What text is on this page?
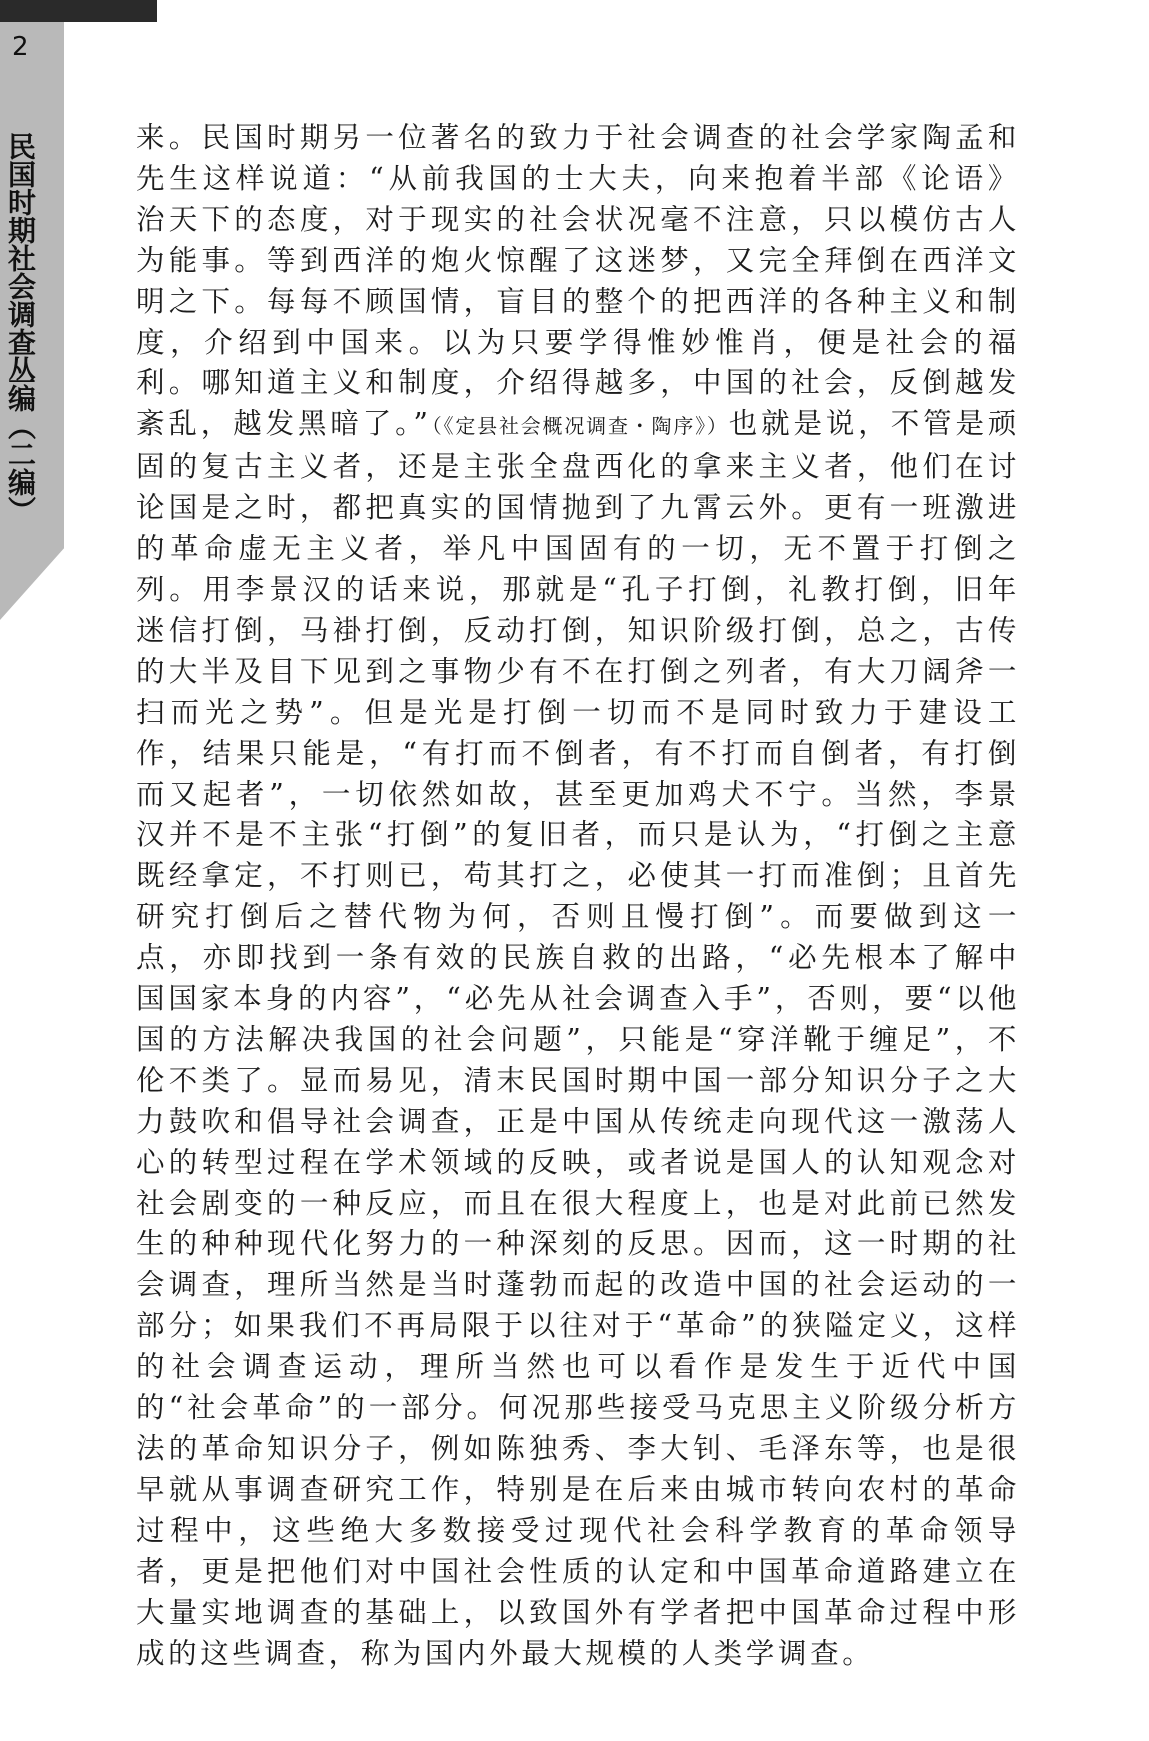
2
民国时期社会调查丛编（二编）	来。民国时期另一位著名的致力于社会调查的社会学家陶孟和先生这样说道：“从前我国的士大夫，向来抱着半部《论语》治天下的态度，对于现实的社会状况毫不注意，只以模仿古人为能事。等到西洋的炮火惊醒了这迷梦，又完全拜倒在西洋文明之下。每每不顾国情，盲目的整个的把西洋的各种主义和制度，介绍到中国来。以为只要学得惟妙惟肖，便是社会的福利。哪知道主义和制度，介绍得越多，中国的社会，反倒越发紊乱，越发黑暗了。”（《定县社会概况调查・陶序》）也就是说，不管是顽固的复古主义者，还是主张全盘西化的拿来主义者，他们在讨论国是之时，都把真实的国情抛到了九霄云外。更有一班激进的革命虚无主义者，举凡中国固有的一切，无不置于打倒之列。用李景汉的话来说，那就是“孔子打倒，礼教打倒，旧年迷信打倒，马褂打倒，反动打倒，知识阶级打倒，总之，古传的大半及目下见到之事物少有不在打倒之列者，有大刀阔斧一扫而光之势”。但是光是打倒一切而不是同时致力于建设工作，结果只能是，“有打而不倒者，有不打而自倒者，有打倒而又起者”，一切依然如故，甚至更加鸡犬不宁。当然，李景汉并不是不主张“打倒”的复旧者，而只是认为，“打倒之主意既经拿定，不打则已，苟其打之，必使其一打而准倒；且首先研究打倒后之替代物为何，否则且慢打倒”。而要做到这一点，亦即找到一条有效的民族自救的出路，“必先根本了解中国国家本身的内容”，“必先从社会调查入手”，否则，要“以他国的方法解决我国的社会问题”，只能是“穿洋靴于缠足”，不伦不类了。显而易见，清末民国时期中国一部分知识分子之大力鼓吹和倡导社会调查，正是中国从传统走向现代这一激荡人心的转型过程在学术领域的反映，或者说是国人的认知观念对社会剧变的一种反应，而且在很大程度上，也是对此前已然发生的种种现代化努力的一种深刻的反思。因而，这一时期的社会调查，理所当然是当时蓬勃而起的改造中国的社会运动的一部分；如果我们不再局限于以往对于“革命”的狭隘定义，这样的社会调查运动，理所当然也可以看作是发生于近代中国的“社会革命”的一部分。何况那些接受马克思主义阶级分析方法的革命知识分子，例如陈独秀、李大钊、毛泽东等，也是很早就从事调查研究工作，特别是在后来由城市转向农村的革命过程中，这些绝大多数接受过现代社会科学教育的革命领导者，更是把他们对中国社会性质的认定和中国革命道路建立在大量实地调查的基础上，以致国外有学者把中国革命过程中形成的这些调查，称为国内外最大规模的人类学调查。
